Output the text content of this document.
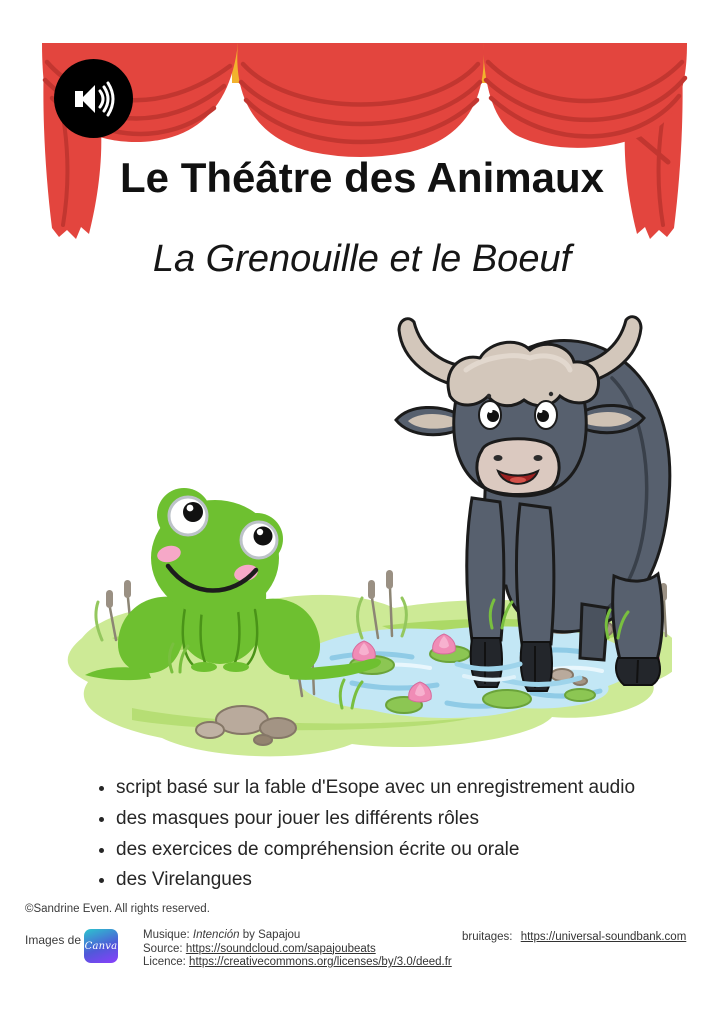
Le Théâtre des Animaux
La Grenouille et le Boeuf
• script basé sur la fable d'Esope avec un enregistrement audio
• des masques pour jouer les différents rôles
• des exercices de compréhension écrite ou orale
• des Virelangues
©Sandrine Even. All rights reserved.
Images de Canva
Musique: Intención by Sapajou
Source: https://soundcloud.com/sapajoubeats
Licence: https://creativecommons.org/licenses/by/3.0/deed.fr
bruitages: https://universal-soundbank.com
